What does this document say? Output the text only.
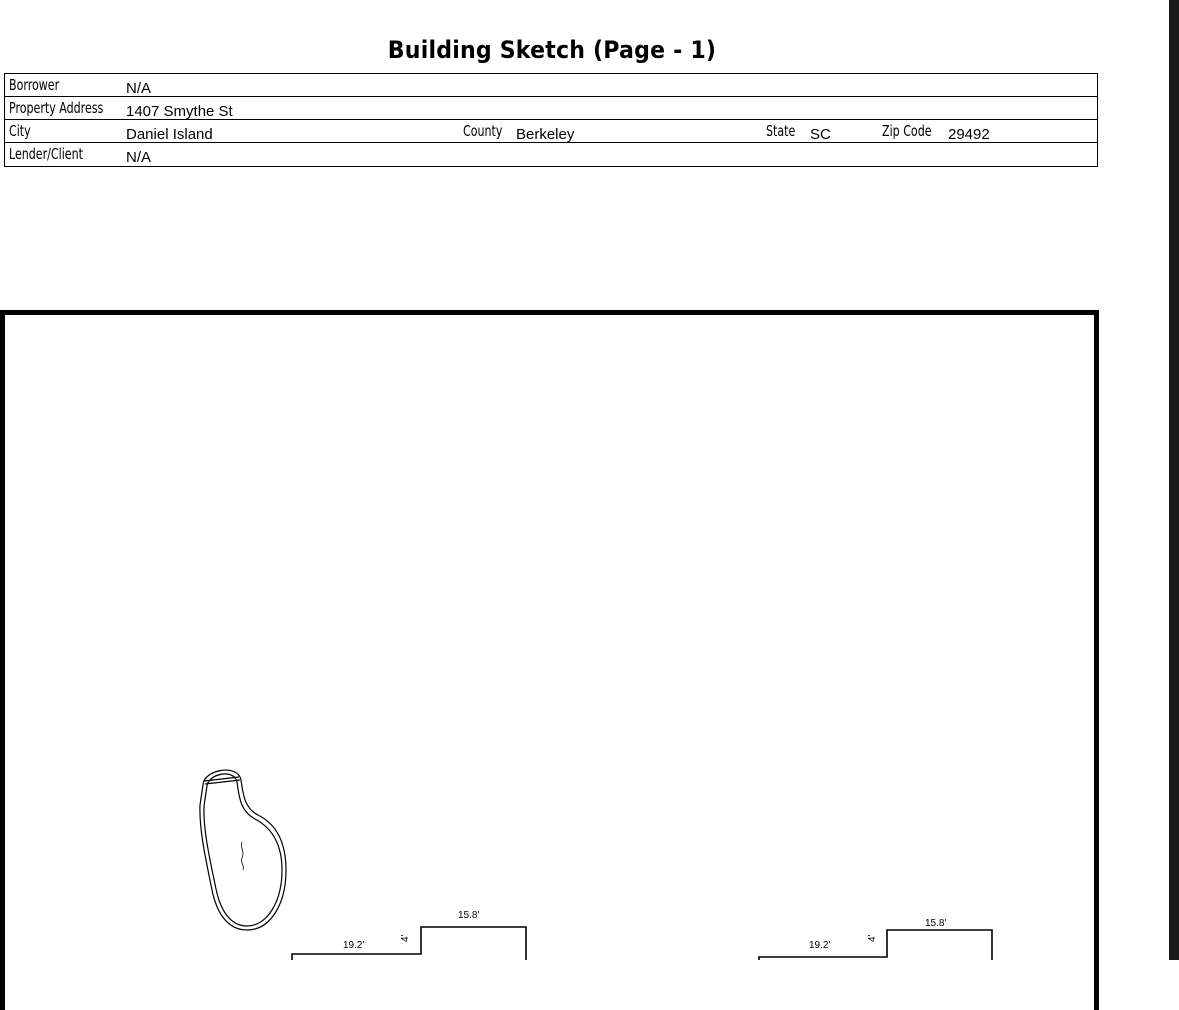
Building Sketch (Page - 1)
Borrower	N/A
Property Address 1407 Smythe St
City	Daniel Island	County Berkeley	State SC	Zip Code 29492
Lender/Client	N/A
15.8'
19.2'
4'
15.8'
19.2'
4'
